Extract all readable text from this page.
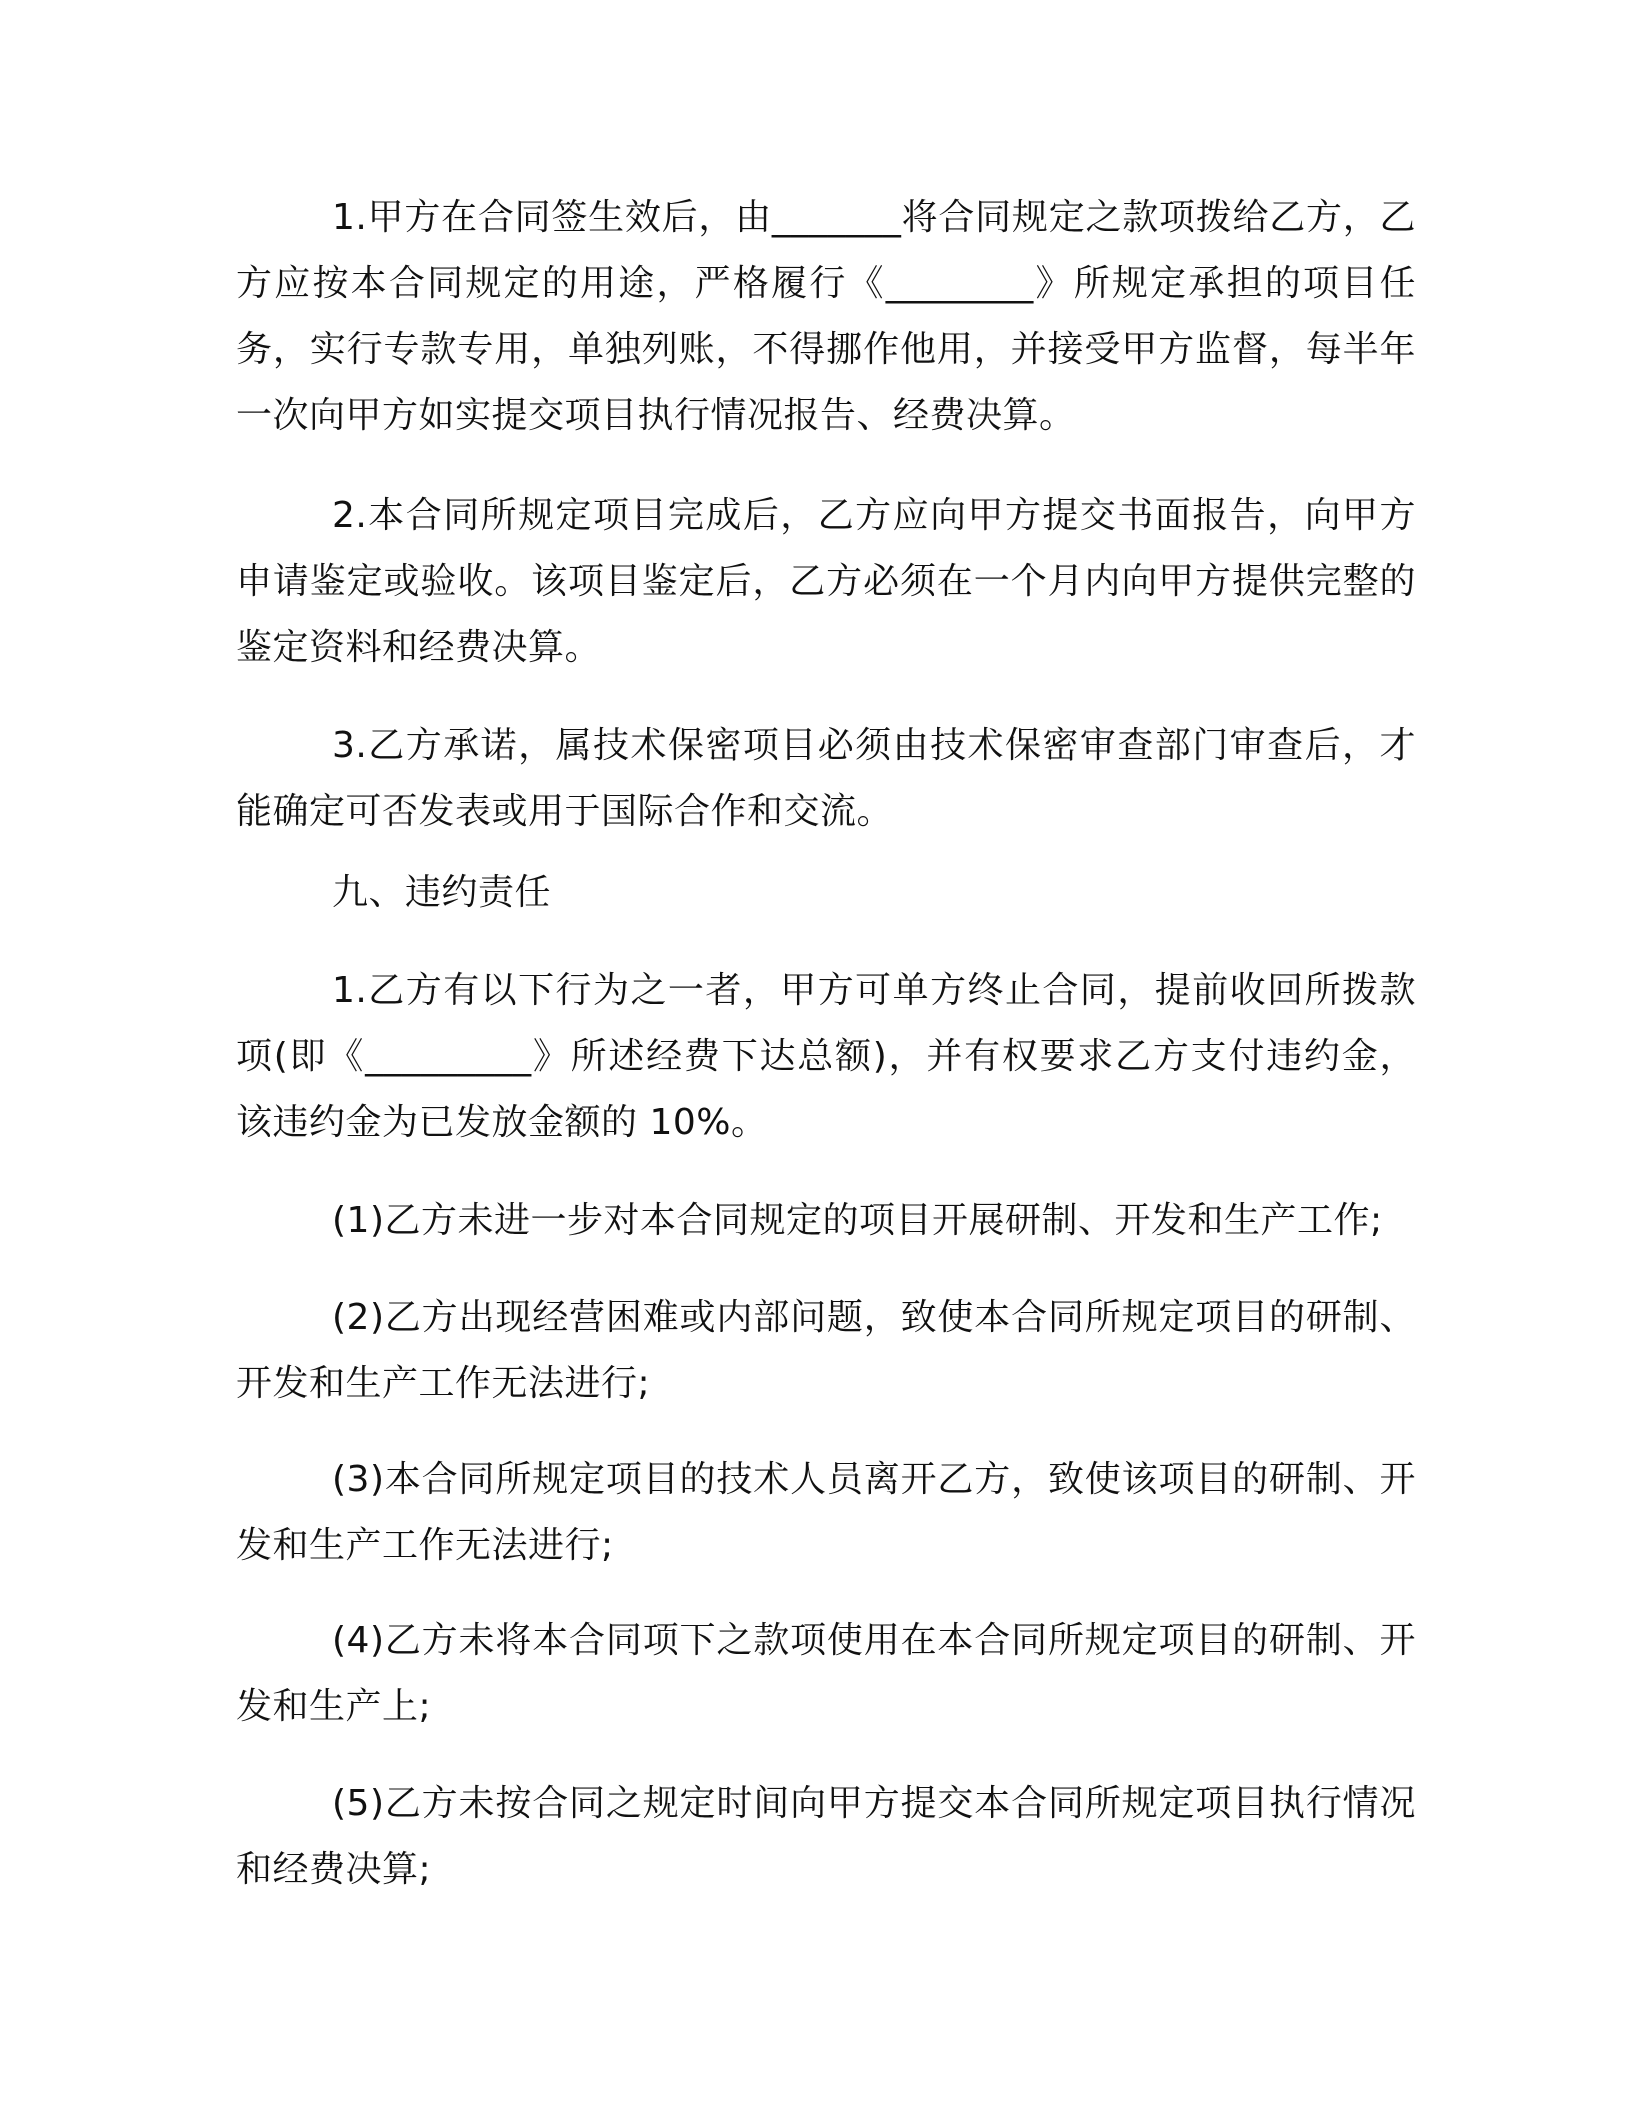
1.甲方在合同签生效后，由_______将合同规定之款项拨给乙方，乙方应按本合同规定的用途，严格履行《________》所规定承担的项目任务，实行专款专用，单独列账，不得挪作他用，并接受甲方监督，每半年一次向甲方如实提交项目执行情况报告、经费决算。

2.本合同所规定项目完成后，乙方应向甲方提交书面报告，向甲方申请鉴定或验收。该项目鉴定后，乙方必须在一个月内向甲方提供完整的鉴定资料和经费决算。

3.乙方承诺，属技术保密项目必须由技术保密审查部门审查后，才能确定可否发表或用于国际合作和交流。

九、违约责任

1.乙方有以下行为之一者，甲方可单方终止合同，提前收回所拨款项(即《_________》所述经费下达总额)，并有权要求乙方支付违约金，该违约金为已发放金额的 10%。

(1)乙方未进一步对本合同规定的项目开展研制、开发和生产工作;

(2)乙方出现经营困难或内部问题，致使本合同所规定项目的研制、开发和生产工作无法进行;

(3)本合同所规定项目的技术人员离开乙方，致使该项目的研制、开发和生产工作无法进行;

(4)乙方未将本合同项下之款项使用在本合同所规定项目的研制、开发和生产上;

(5)乙方未按合同之规定时间向甲方提交本合同所规定项目执行情况和经费决算;
